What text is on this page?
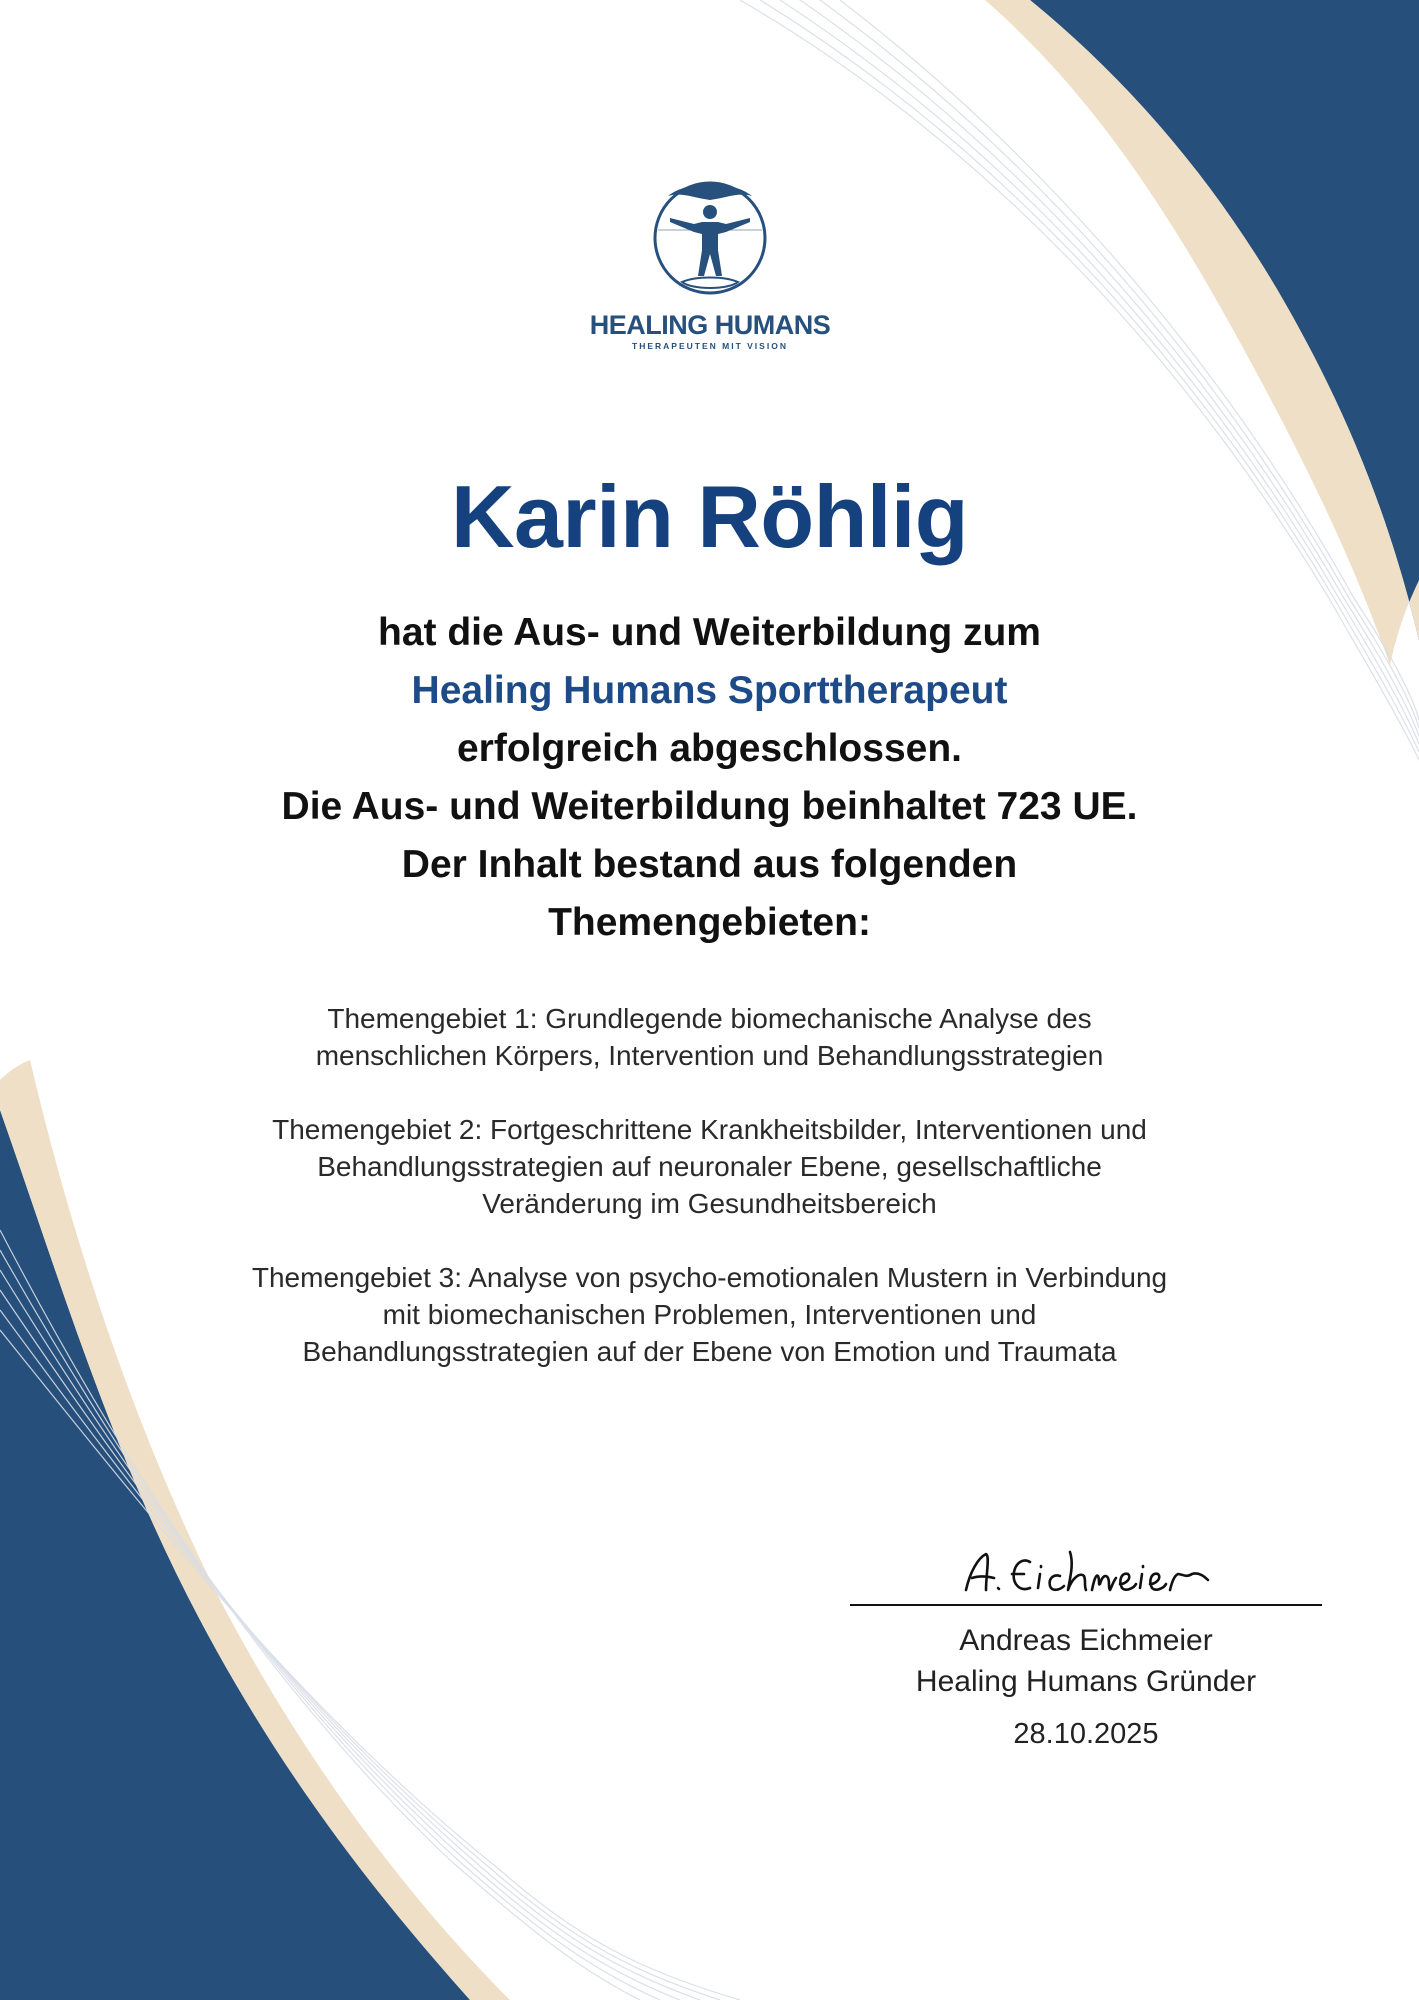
HEALING HUMANS
THERAPEUTEN MIT VISION
Karin Röhlig
hat die Aus- und Weiterbildung zum
Healing Humans Sporttherapeut
erfolgreich abgeschlossen.
Die Aus- und Weiterbildung beinhaltet 723 UE.
Der Inhalt bestand aus folgenden
Themengebieten:
Themengebiet 1: Grundlegende biomechanische Analyse des
menschlichen Körpers, Intervention und Behandlungsstrategien
Themengebiet 2: Fortgeschrittene Krankheitsbilder, Interventionen und
Behandlungsstrategien auf neuronaler Ebene, gesellschaftliche
Veränderung im Gesundheitsbereich
Themengebiet 3: Analyse von psycho-emotionalen Mustern in Verbindung
mit biomechanischen Problemen, Interventionen und
Behandlungsstrategien auf der Ebene von Emotion und Traumata
Andreas Eichmeier
Healing Humans Gründer
28.10.2025
